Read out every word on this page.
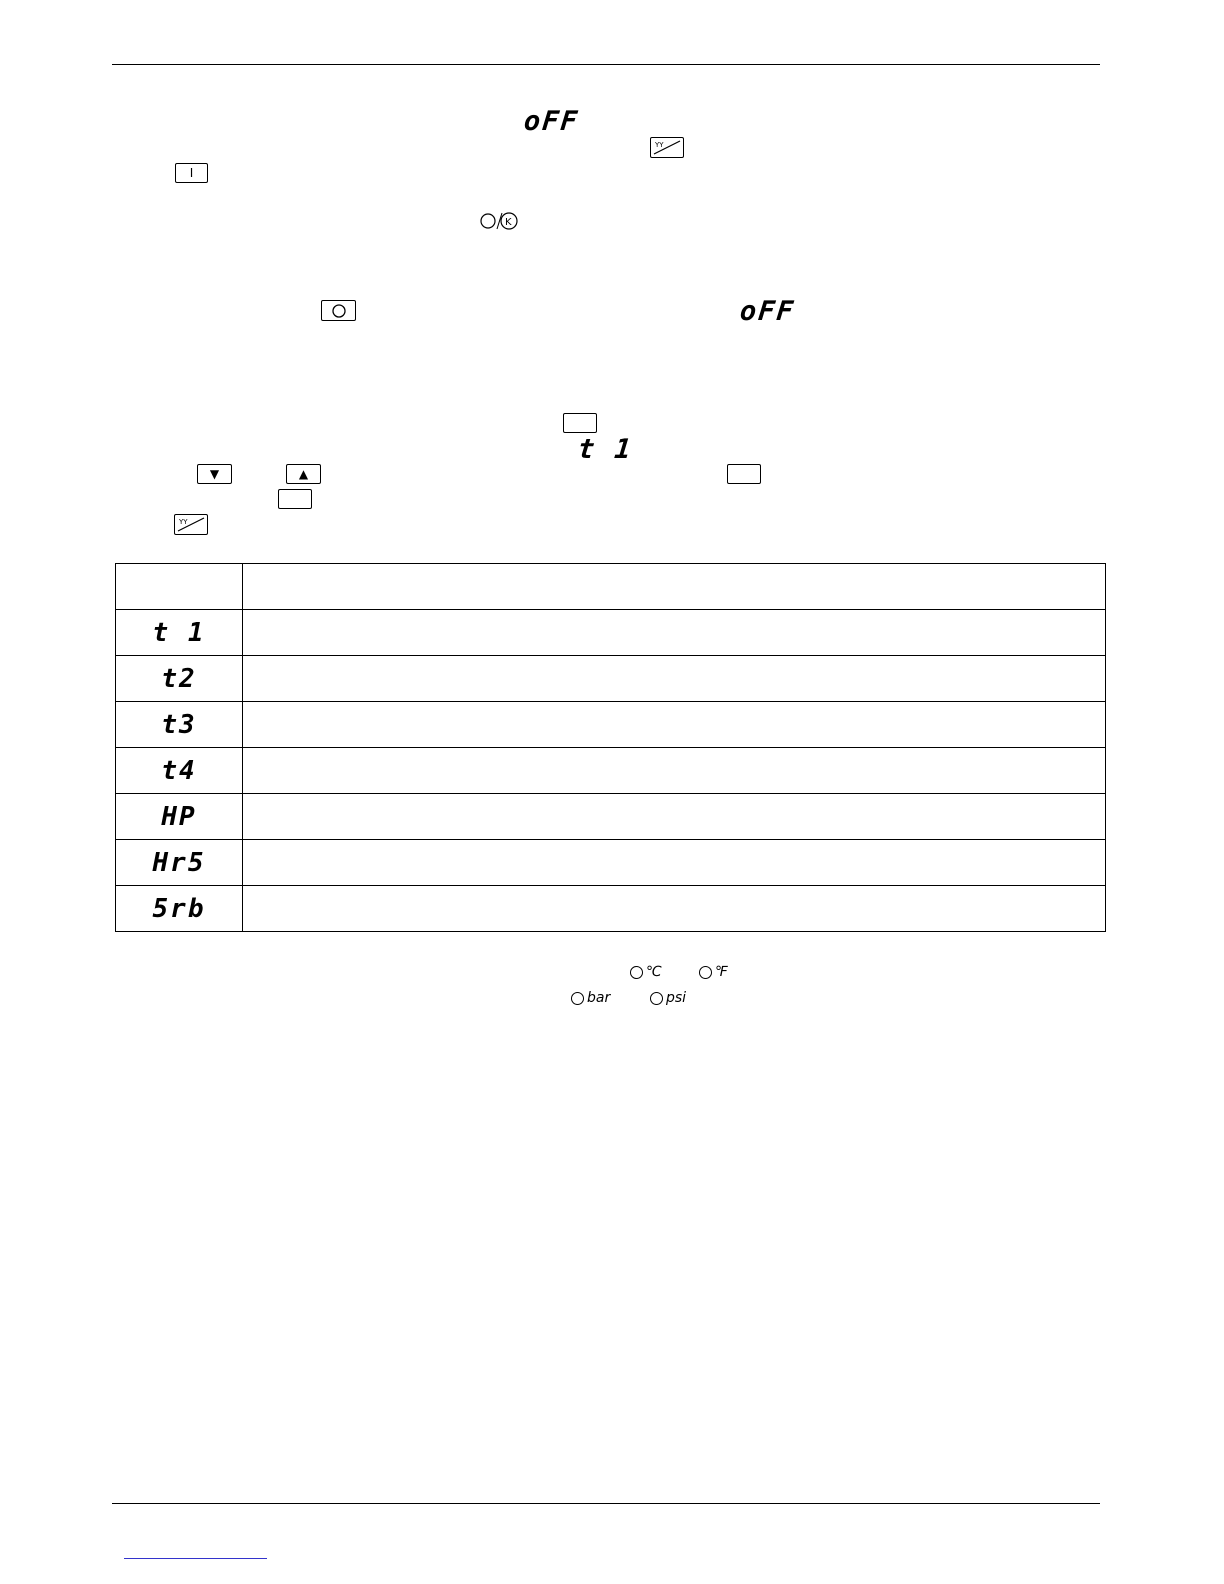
oFF
YY
I
K
oFF
t 1
▼	▲
YY

t 1	
t2	
t3	
t4	
HP	
Hr5	
5rb	
℃	℉
bar	psi
